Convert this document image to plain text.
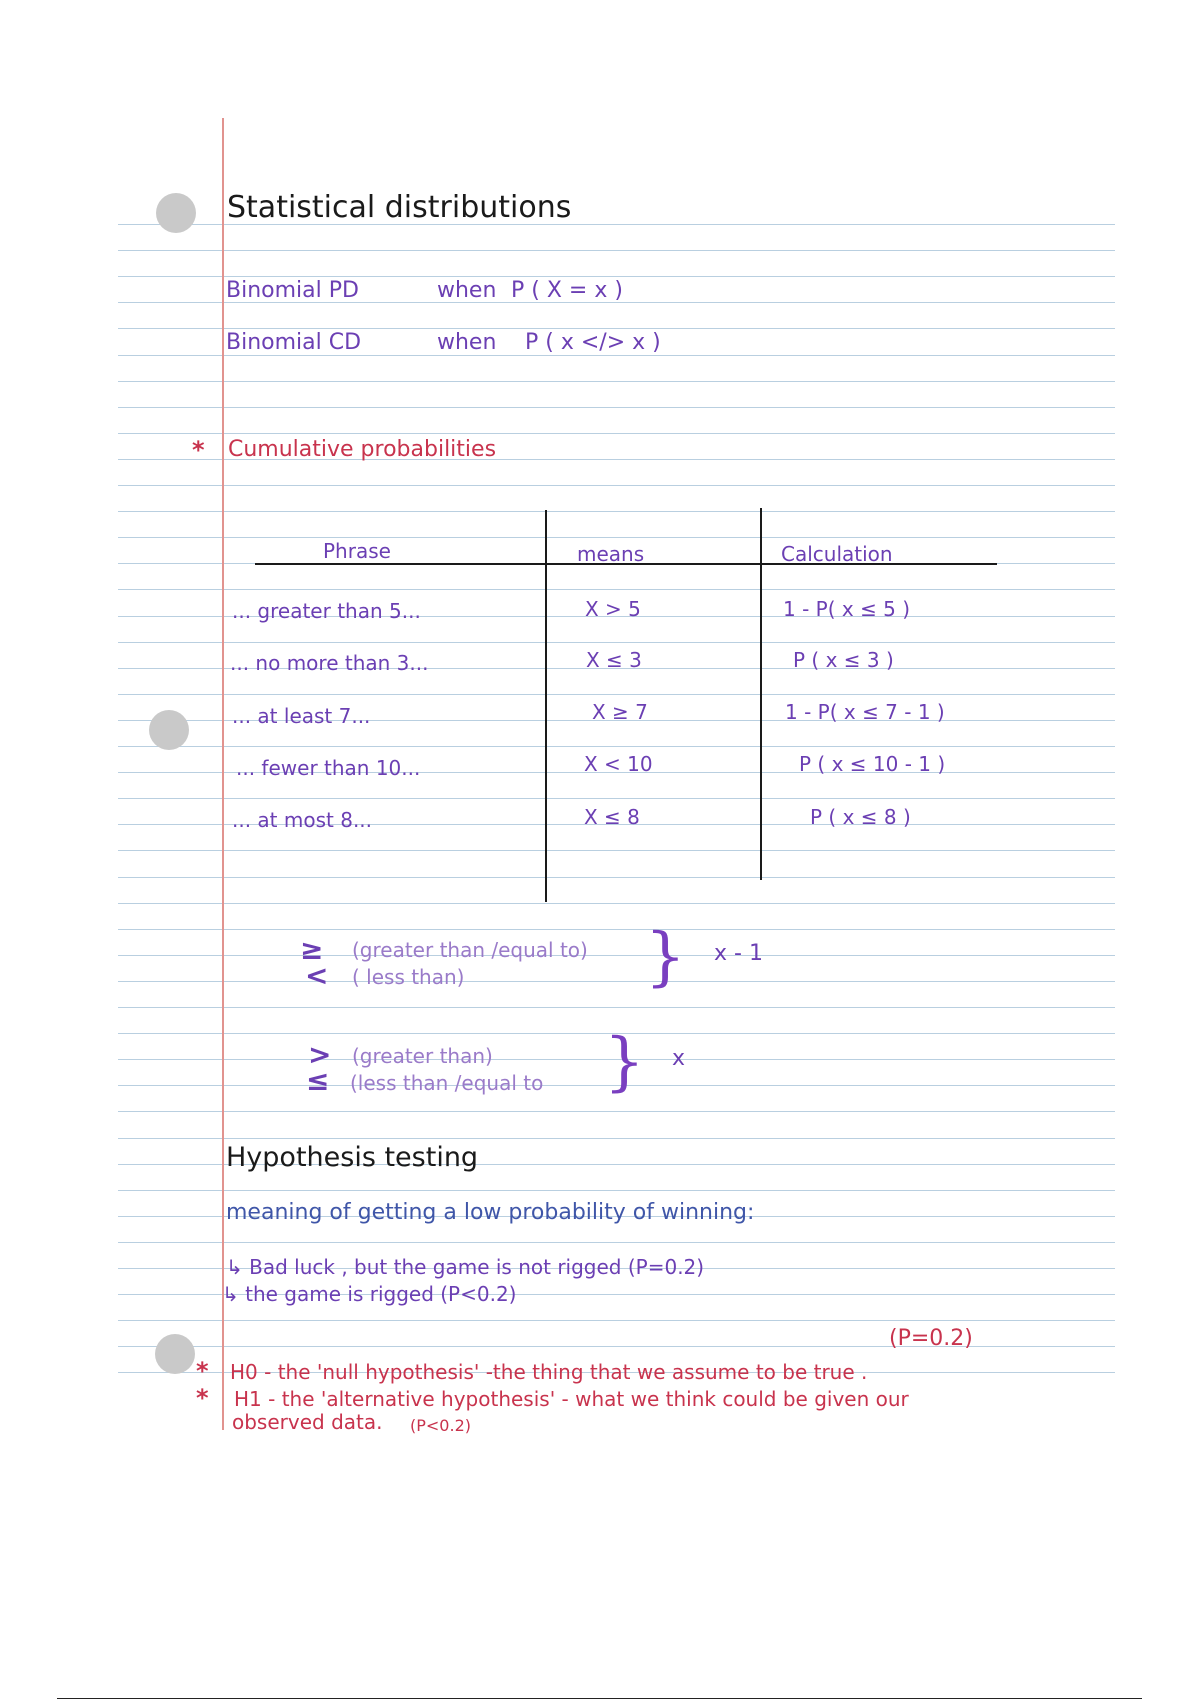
Statistical distributions
Binomial PD	when P ( X = x )
Binomial CD	when P ( x </> x )
* Cumulative probabilities
Phrase	means	Calculation
... greater than 5...	X > 5	1 - P( x ≤ 5 )
... no more than 3...	X ≤ 3	P ( x ≤ 3 )
... at least 7...	X ≥ 7	1 - P( x ≤ 7 - 1 )
... fewer than 10...	X < 10	P ( x ≤ 10 - 1 )
... at most 8...	X ≤ 8	P ( x ≤ 8 )
≥
<
(greater than /equal to)
( less than)	} x - 1
>
≤
(greater than)
(less than /equal to } x
Hypothesis testing
meaning of getting a low probability of winning:
↳ Bad luck , but the game is not rigged (P=0.2)
↳ the game is rigged (P<0.2)
(P=0.2)
* H0 - the 'null hypothesis' -the thing that we assume to be true .
* H1 - the 'alternative hypothesis' - what we think could be given our
observed data. (P<0.2)
